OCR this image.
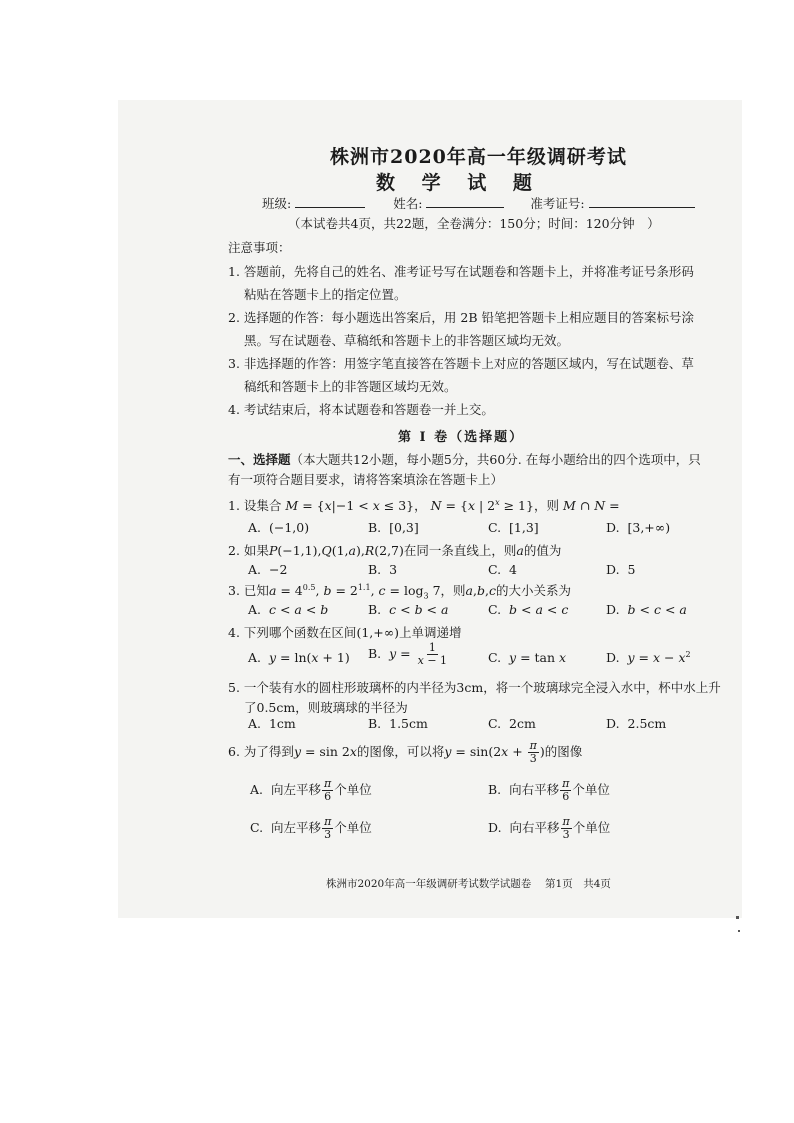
株洲市2020年高一年级调研考试
数 学 试 题
班级:	姓名:	准考证号:
（本试卷共4页，共22题，全卷满分：150分；时间：120分钟　）
注意事项：
1. 答题前，先将自己的姓名、准考证号写在试题卷和答题卡上，并将准考证号条形码
粘贴在答题卡上的指定位置。
2. 选择题的作答：每小题选出答案后，用 2B 铅笔把答题卡上相应题目的答案标号涂
黑。写在试题卷、草稿纸和答题卡上的非答题区域均无效。
3. 非选择题的作答：用签字笔直接答在答题卡上对应的答题区域内，写在试题卷、草
稿纸和答题卡上的非答题区域均无效。
4. 考试结束后，将本试题卷和答题卷一并上交。
第 Ⅰ 卷（选择题）
一、选择题（本大题共12小题，每小题5分，共60分. 在每小题给出的四个选项中，只
有一项符合题目要求，请将答案填涂在答题卡上）
1. 设集合 M = {x|−1 < x ≤ 3}， N = {x | $2^x \ge 1$}，则 M ∩ N =
A.  (−1,0)	B.  [0,3]	C.  [1,3]	D.  [3,+∞)
2. 如果P(−1,1),Q(1,a),R(2,7)在同一条直线上，则a的值为
A. −2	B. 3	C. 4	D. 5
3. 已知$a = 4^{0.5}$, $b = 2^{1.1}$, $c = \log_3 7$，则a,b,c的大小关系为
A. c < a < b	B. c < b < a	C. b < a < c	D. b < c < a
4. 下列哪个函数在区间(1,+∞)上单调递增
A. y = ln(x + 1) B. $y = \frac{1}{x - 1}$	C. y = tan x	D. $y = x - x^2$
5. 一个装有水的圆柱形玻璃杯的内半径为3cm，将一个玻璃球完全浸入水中，杯中水上升
了0.5cm，则玻璃球的半径为
A. 1cm	B. 1.5cm	C. 2cm	D. 2.5cm
6. 为了得到y = sin 2x的图像，可以将$y = \sin(2x + \frac{\pi}{3}$ )的图像
A. 向左平移 $\frac{\pi}{6}$ 个单位	B. 向右平移 $\frac{\pi}{6}$ 个单位
C. 向左平移 $\frac{\pi}{3}$ 个单位	D. 向右平移 $\frac{\pi}{3}$ 个单位
株洲市2020年高一年级调研考试数学试题卷　 第1页　共4页
